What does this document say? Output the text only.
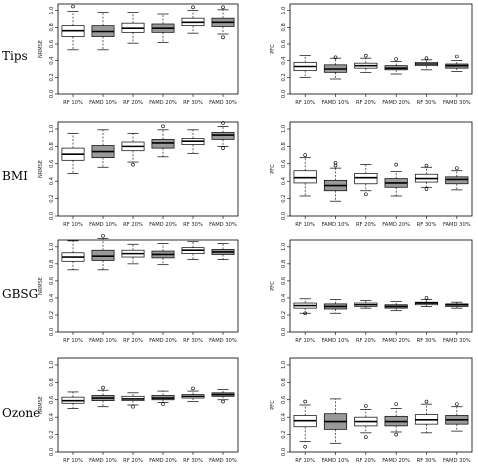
Tips
BMI
GBSG
Ozone
0.0
0.2
0.4
0.6
0.8
1.0
NRMSE
RF 10% FAMD 10% RF 20% FAMD 20% RF 30% FAMD 30%
0.0
0.2
0.4
0.6
0.8
1.0
PFC
RF 10% FAMD 10% RF 20% FAMD 20% RF 30% FAMD 30%
0.0
0.2
0.4
0.6
0.8
1.0
NRMSE
RF 10% FAMD 10% RF 20% FAMD 20% RF 30% FAMD 30%
0.0
0.2
0.4
0.6
0.8
1.0
PFC
RF 10% FAMD 10% RF 20% FAMD 20% RF 30% FAMD 30%
0.0
0.2
0.4
0.6
0.8
1.0
NRMSE
RF 10% FAMD 10% RF 20% FAMD 20% RF 30% FAMD 30%
0.0
0.2
0.4
0.6
0.8
1.0
PFC
RF 10% FAMD 10% RF 20% FAMD 20% RF 30% FAMD 30%
0.0
0.2
0.4
0.6
0.8
1.0
NRMSE
RF 10% FAMD 10% RF 20% FAMD 20% RF 30% FAMD 30%
0.0
0.2
0.4
0.6
0.8
1.0
PFC
RF 10% FAMD 10% RF 20% FAMD 20% RF 30% FAMD 30%
